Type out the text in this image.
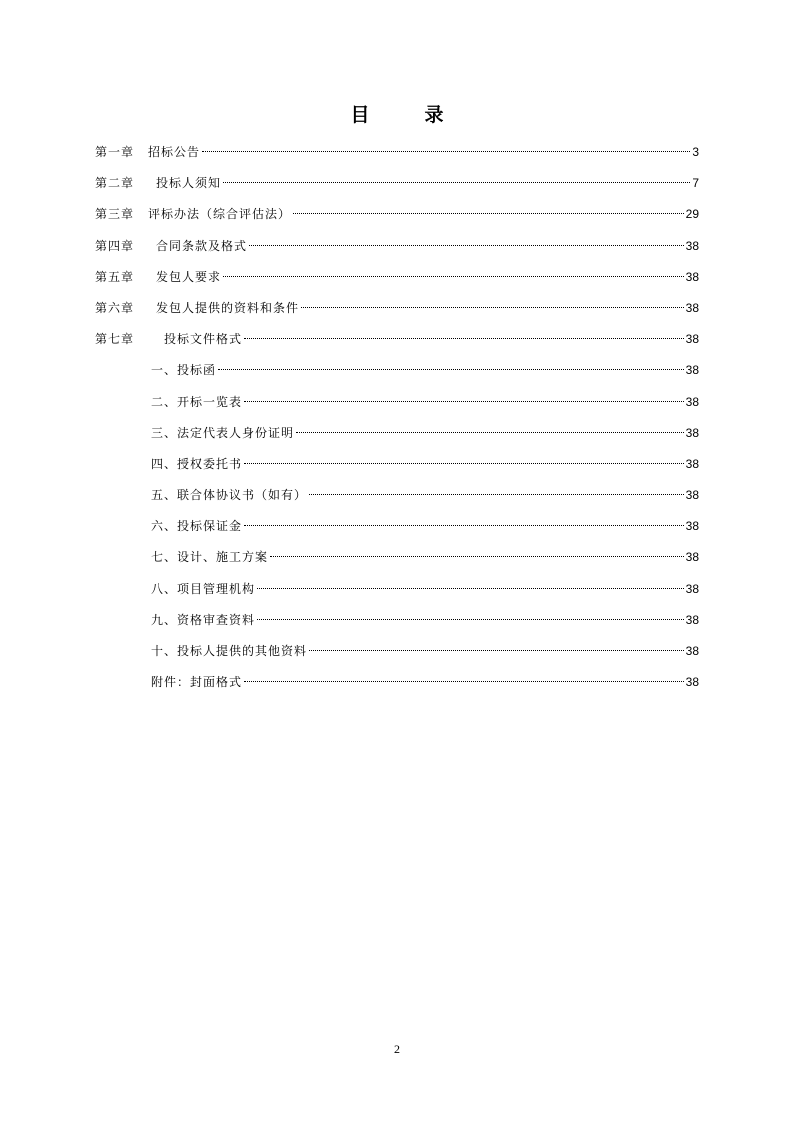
目　录
第一章 招标公告	3
第二章 投标人须知	7
第三章 评标办法（综合评估法）	29
第四章 合同条款及格式	38
第五章 发包人要求	38
第六章 发包人提供的资料和条件	38
第七章	投标文件格式	38
一、投标函	38
二、开标一览表	38
三、法定代表人身份证明	38
四、授权委托书	38
五、联合体协议书（如有）	38
六、投标保证金	38
七、设计、施工方案	38
八、项目管理机构	38
九、资格审查资料	38
十、投标人提供的其他资料	38
附件：封面格式	38
2
